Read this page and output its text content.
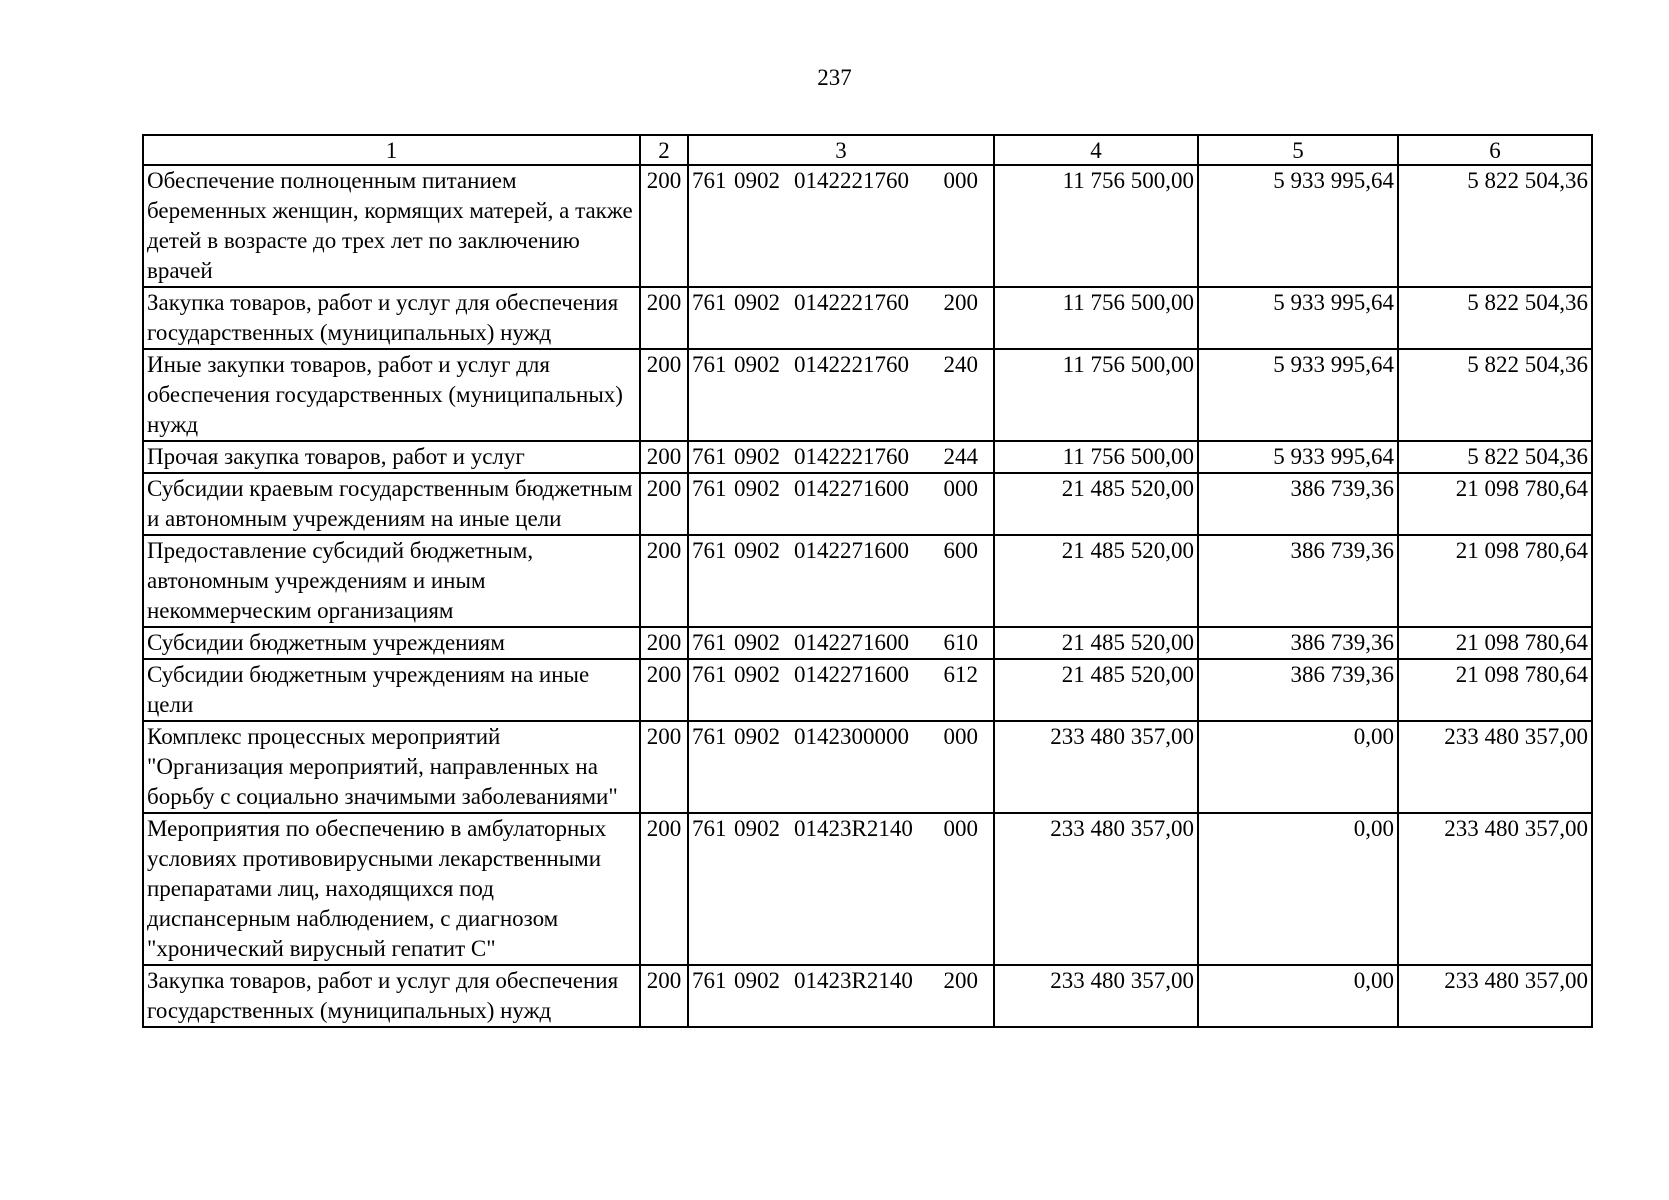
237
1	2	3	4	5	6
Обеспечение полноценным питанием беременных женщин, кормящих матерей, а также детей в возрасте до трех лет по заключению врачей	200	761 0902 0142221760 000	11 756 500,00	5 933 995,64	5 822 504,36
Закупка товаров, работ и услуг для обеспечения государственных (муниципальных) нужд	200	761 0902 0142221760 200	11 756 500,00	5 933 995,64	5 822 504,36
Иные закупки товаров, работ и услуг для обеспечения государственных (муниципальных) нужд	200	761 0902 0142221760 240	11 756 500,00	5 933 995,64	5 822 504,36
Прочая закупка товаров, работ и услуг	200	761 0902 0142221760 244	11 756 500,00	5 933 995,64	5 822 504,36
Субсидии краевым государственным бюджетным и автономным учреждениям на иные цели	200	761 0902 0142271600 000	21 485 520,00	386 739,36	21 098 780,64
Предоставление субсидий бюджетным, автономным учреждениям и иным некоммерческим организациям	200	761 0902 0142271600 600	21 485 520,00	386 739,36	21 098 780,64
Субсидии бюджетным учреждениям	200	761 0902 0142271600 610	21 485 520,00	386 739,36	21 098 780,64
Субсидии бюджетным учреждениям на иные цели	200	761 0902 0142271600 612	21 485 520,00	386 739,36	21 098 780,64
Комплекс процессных мероприятий "Организация мероприятий, направленных на борьбу с социально значимыми заболеваниями"	200	761 0902 0142300000 000	233 480 357,00	0,00	233 480 357,00
Мероприятия по обеспечению в амбулаторных условиях противовирусными лекарственными препаратами лиц, находящихся под диспансерным наблюдением, с диагнозом "хронический вирусный гепатит С"	200	761 0902 01423R2140 000	233 480 357,00	0,00	233 480 357,00
Закупка товаров, работ и услуг для обеспечения государственных (муниципальных) нужд	200	761 0902 01423R2140 200	233 480 357,00	0,00	233 480 357,00
